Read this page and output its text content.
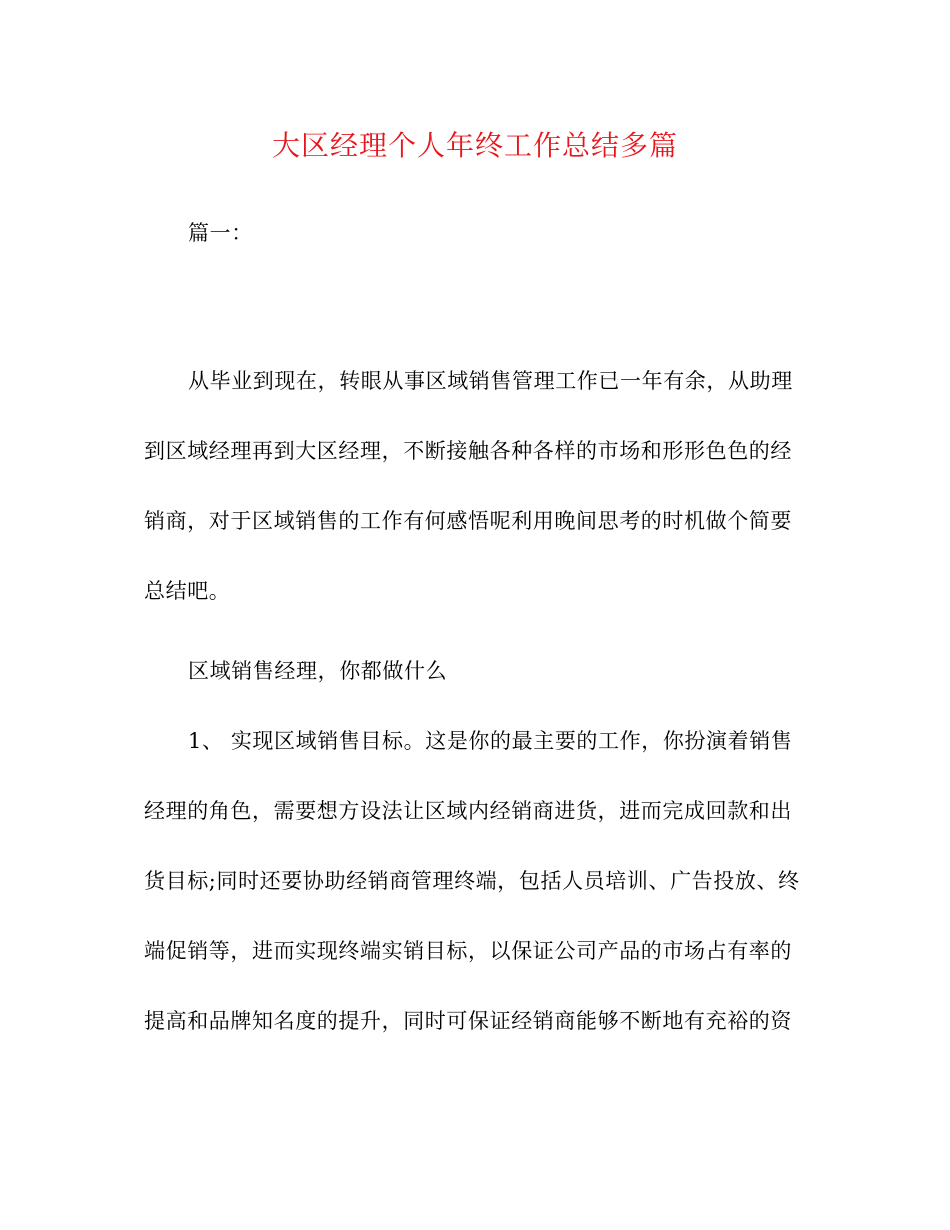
大区经理个人年终工作总结多篇
篇一：
从毕业到现在，转眼从事区域销售管理工作已一年有余，从助理
到区域经理再到大区经理，不断接触各种各样的市场和形形色色的经
销商，对于区域销售的工作有何感悟呢利用晚间思考的时机做个简要
总结吧。
区域销售经理，你都做什么
1、 实现区域销售目标。这是你的最主要的工作，你扮演着销售
经理的角色，需要想方设法让区域内经销商进货，进而完成回款和出
货目标;同时还要协助经销商管理终端，包括人员培训、广告投放、终
端促销等，进而实现终端实销目标，以保证公司产品的市场占有率的
提高和品牌知名度的提升，同时可保证经销商能够不断地有充裕的资
